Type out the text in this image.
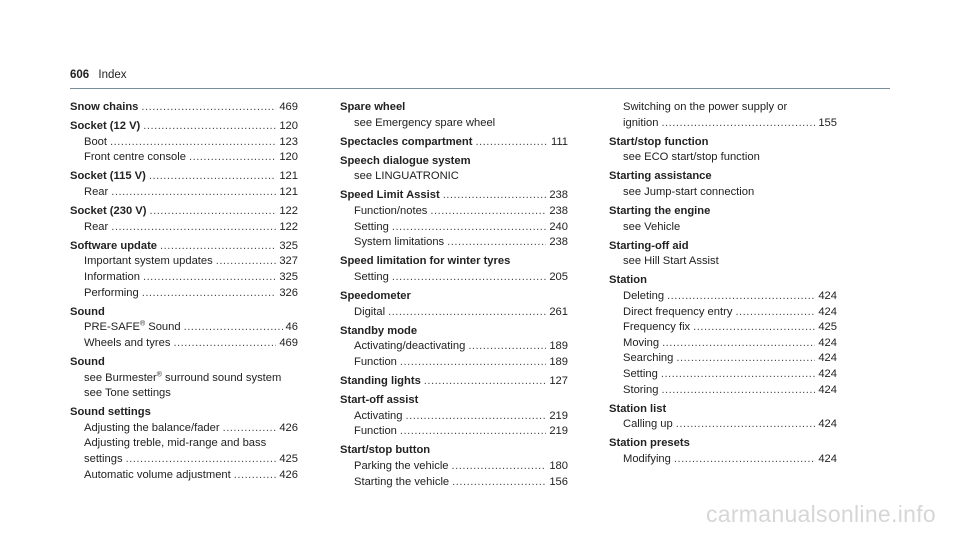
606 Index
Snow chains .....	469
Socket (12 V) .....	120
Boot .....	123
Front centre console .....	120
Socket (115 V) .....	121
Rear .....	121
Socket (230 V) .....	122
Rear .....	122
Software update .....	325
Important system updates .....	327
Information .....	325
Performing .....	326
Sound
PRE-SAFE® Sound .....	46
Wheels and tyres .....	469
Sound
see Burmester® surround sound system
see Tone settings
Sound settings
Adjusting the balance/fader .....	426
Adjusting treble, mid-range and bass
settings .....	425
Automatic volume adjustment .....	426
Spare wheel
see Emergency spare wheel
Spectacles compartment .....	111
Speech dialogue system
see LINGUATRONIC
Speed Limit Assist .....	238
Function/notes .....	238
Setting .....	240
System limitations .....	238
Speed limitation for winter tyres
Setting .....	205
Speedometer
Digital .....	261
Standby mode
Activating/deactivating .....	189
Function .....	189
Standing lights .....	127
Start-off assist
Activating .....	219
Function .....	219
Start/stop button
Parking the vehicle .....	180
Starting the vehicle .....	156
Switching on the power supply or
ignition .....	155
Start/stop function
see ECO start/stop function
Starting assistance
see Jump-start connection
Starting the engine
see Vehicle
Starting-off aid
see Hill Start Assist
Station
Deleting .....	424
Direct frequency entry .....	424
Frequency fix .....	425
Moving .....	424
Searching .....	424
Setting .....	424
Storing .....	424
Station list
Calling up .....	424
Station presets
Modifying .....	424
carmanualsonline.info
